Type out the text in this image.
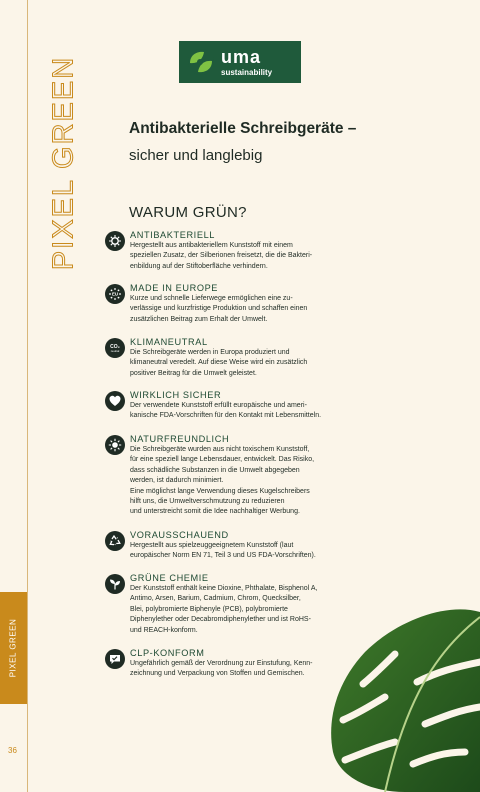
PIXEL GREEN
PIXEL GREEN
36
uma
sustainability
Antibakterielle Schreibgeräte –
sicher und langlebig
WARUM GRÜN?
ANTIBAKTERIELL
Hergestellt aus antibakteriellem Kunststoff mit einem
speziellen Zusatz, der Silberionen freisetzt, die die Bakteri-
enbildung auf der Stiftoberfläche verhindern.
EU
MADE IN EUROPE
Kurze und schnelle Lieferwege ermöglichen eine zu-
verlässige und kurzfristige Produktion und schaffen einen
zusätzlichen Beitrag zum Erhalt der Umwelt.
CO₂
neutral
KLIMANEUTRAL
Die Schreibgeräte werden in Europa produziert und
klimaneutral veredelt. Auf diese Weise wird ein zusätzlich
positiver Beitrag für die Umwelt geleistet.
WIRKLICH SICHER
Der verwendete Kunststoff erfüllt europäische und ameri-
kanische FDA-Vorschriften für den Kontakt mit Lebensmitteln.
NATURFREUNDLICH
Die Schreibgeräte wurden aus nicht toxischem Kunststoff,
für eine speziell lange Lebensdauer, entwickelt. Das Risiko,
dass schädliche Substanzen in die Umwelt abgegeben
werden, ist dadurch minimiert.
Eine möglichst lange Verwendung dieses Kugelschreibers
hilft uns, die Umweltverschmutzung zu reduzieren
und unterstreicht somit die Idee nachhaltiger Werbung.
VORAUSSCHAUEND
Hergestellt aus spielzeuggeeignetem Kunststoff (laut
europäischer Norm EN 71, Teil 3 und US FDA-Vorschriften).
GRÜNE CHEMIE
Der Kunststoff enthält keine Dioxine, Phthalate, Bisphenol A,
Antimo, Arsen, Barium, Cadmium, Chrom, Quecksilber,
Blei, polybromierte Biphenyle (PCB), polybromierte
Diphenylether oder Decabromdiphenylether und ist RoHS-
und REACH-konform.
CLP-KONFORM
Ungefährlich gemäß der Verordnung zur Einstufung, Kenn-
zeichnung und Verpackung von Stoffen und Gemischen.
